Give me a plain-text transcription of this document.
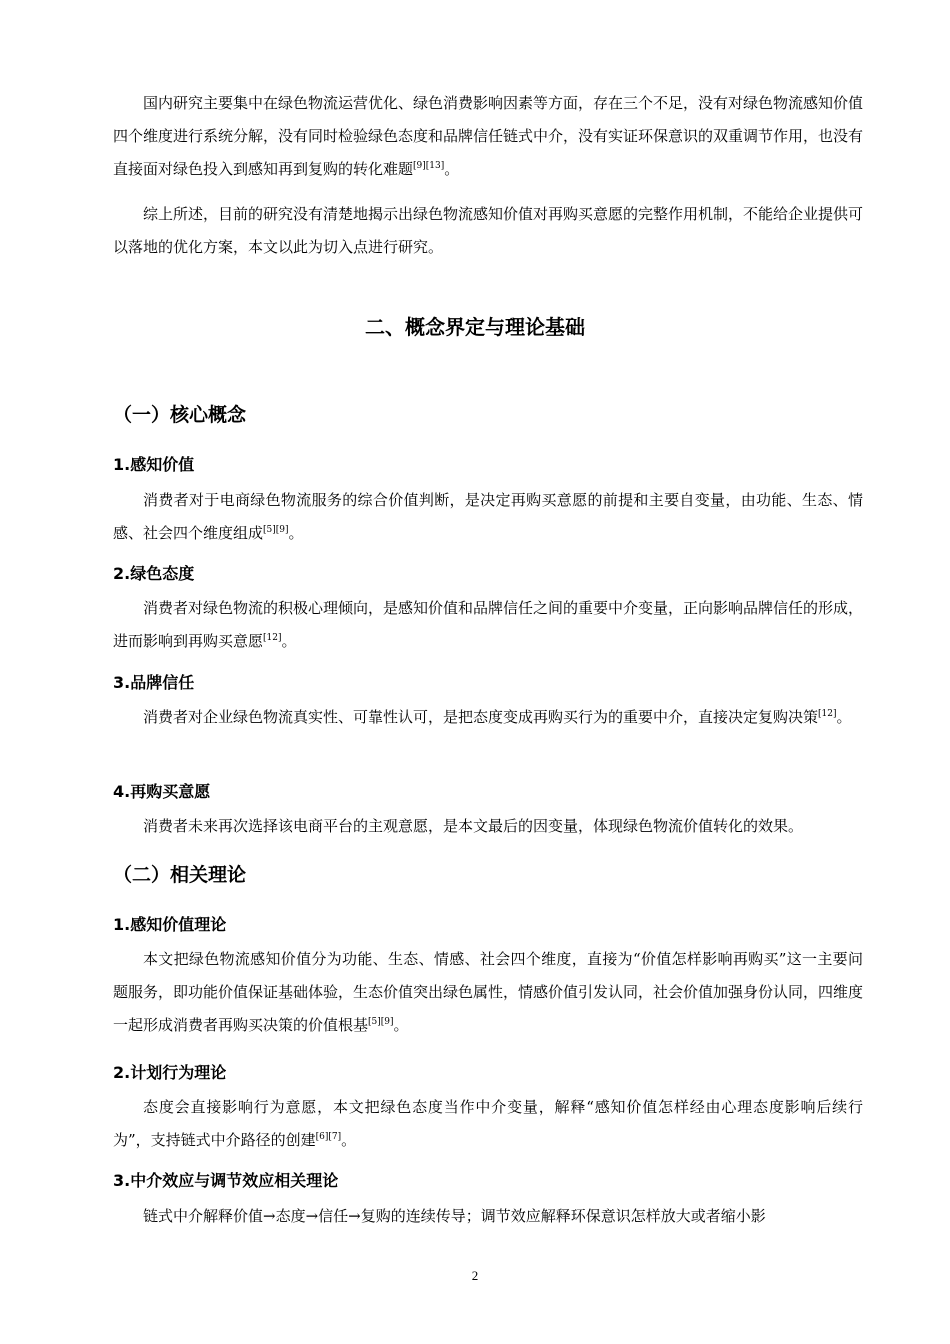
国内研究主要集中在绿色物流运营优化、绿色消费影响因素等方面，存在三个不足，没有对绿色物流感知价值四个维度进行系统分解，没有同时检验绿色态度和品牌信任链式中介，没有实证环保意识的双重调节作用，也没有直接面对绿色投入到感知再到复购的转化难题[9][13]。

综上所述，目前的研究没有清楚地揭示出绿色物流感知价值对再购买意愿的完整作用机制，不能给企业提供可以落地的优化方案，本文以此为切入点进行研究。

二、概念界定与理论基础
（一）核心概念
1.感知价值

消费者对于电商绿色物流服务的综合价值判断，是决定再购买意愿的前提和主要自变量，由功能、生态、情感、社会四个维度组成[5][9]。

2.绿色态度

消费者对绿色物流的积极心理倾向，是感知价值和品牌信任之间的重要中介变量，正向影响品牌信任的形成，进而影响到再购买意愿[12]。

3.品牌信任

消费者对企业绿色物流真实性、可靠性认可，是把态度变成再购买行为的重要中介，直接决定复购决策[12]。

4.再购买意愿

消费者未来再次选择该电商平台的主观意愿，是本文最后的因变量，体现绿色物流价值转化的效果。

（二）相关理论
1.感知价值理论

本文把绿色物流感知价值分为功能、生态、情感、社会四个维度，直接为“价值怎样影响再购买”这一主要问题服务，即功能价值保证基础体验，生态价值突出绿色属性，情感价值引发认同，社会价值加强身份认同，四维度一起形成消费者再购买决策的价值根基[5][9]。

2.计划行为理论

态度会直接影响行为意愿，本文把绿色态度当作中介变量，解释“感知价值怎样经由心理态度影响后续行为”，支持链式中介路径的创建[6][7]。

3.中介效应与调节效应相关理论

链式中介解释价值→态度→信任→复购的连续传导；调节效应解释环保意识怎样放大或者缩小影

2
